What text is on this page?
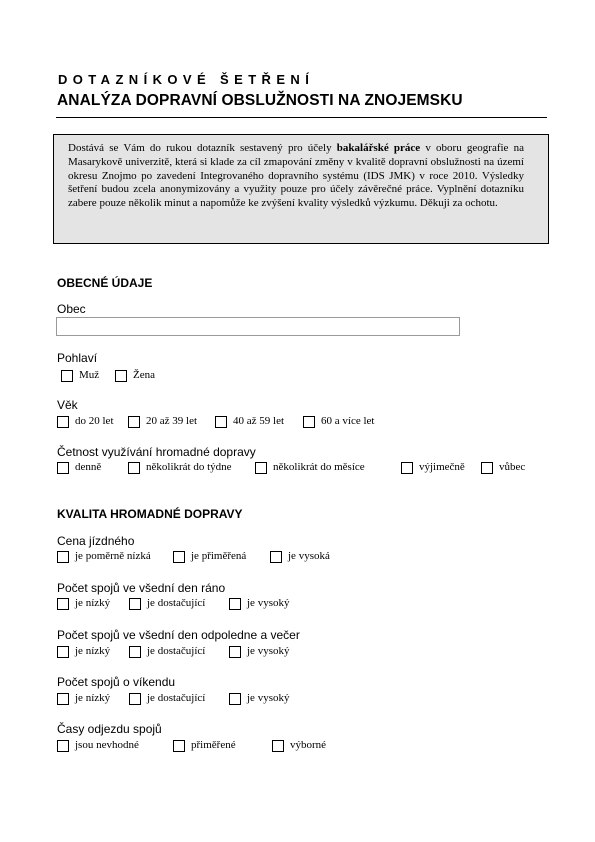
DOTAZNÍKOVÉ ŠETŘENÍ
ANALÝZA DOPRAVNÍ OBSLUŽNOSTI NA ZNOJEMSKU
Dostává se Vám do rukou dotazník sestavený pro účely bakalářské práce v oboru geografie na Masarykově univerzitě, která si klade za cíl zmapování změny v kvalitě dopravní obslužnosti na území okresu Znojmo po zavedení Integrovaného dopravního systému (IDS JMK) v roce 2010. Výsledky šetření budou zcela anonymizovány a využity pouze pro účely závěrečné práce. Vyplnění dotazníku zabere pouze několik minut a napomůže ke zvýšení kvality výsledků výzkumu. Děkuji za ochotu.
OBECNÉ ÚDAJE
Obec
Pohlaví
Muž	Žena
Věk
do 20 let	20 až 39 let	40 až 59 let	60 a více let
Četnost využívání hromadné dopravy
denně	několikrát do týdne	několikrát do měsíce	výjimečně	vůbec
KVALITA HROMADNÉ DOPRAVY
Cena jízdného
je poměrně nízká	je přiměřená	je vysoká
Počet spojů ve všední den ráno
je nízký	je dostačující	je vysoký
Počet spojů ve všední den odpoledne a večer
je nízký	je dostačující	je vysoký
Počet spojů o víkendu
je nízký	je dostačující	je vysoký
Časy odjezdu spojů
jsou nevhodné	přiměřené	výborné
